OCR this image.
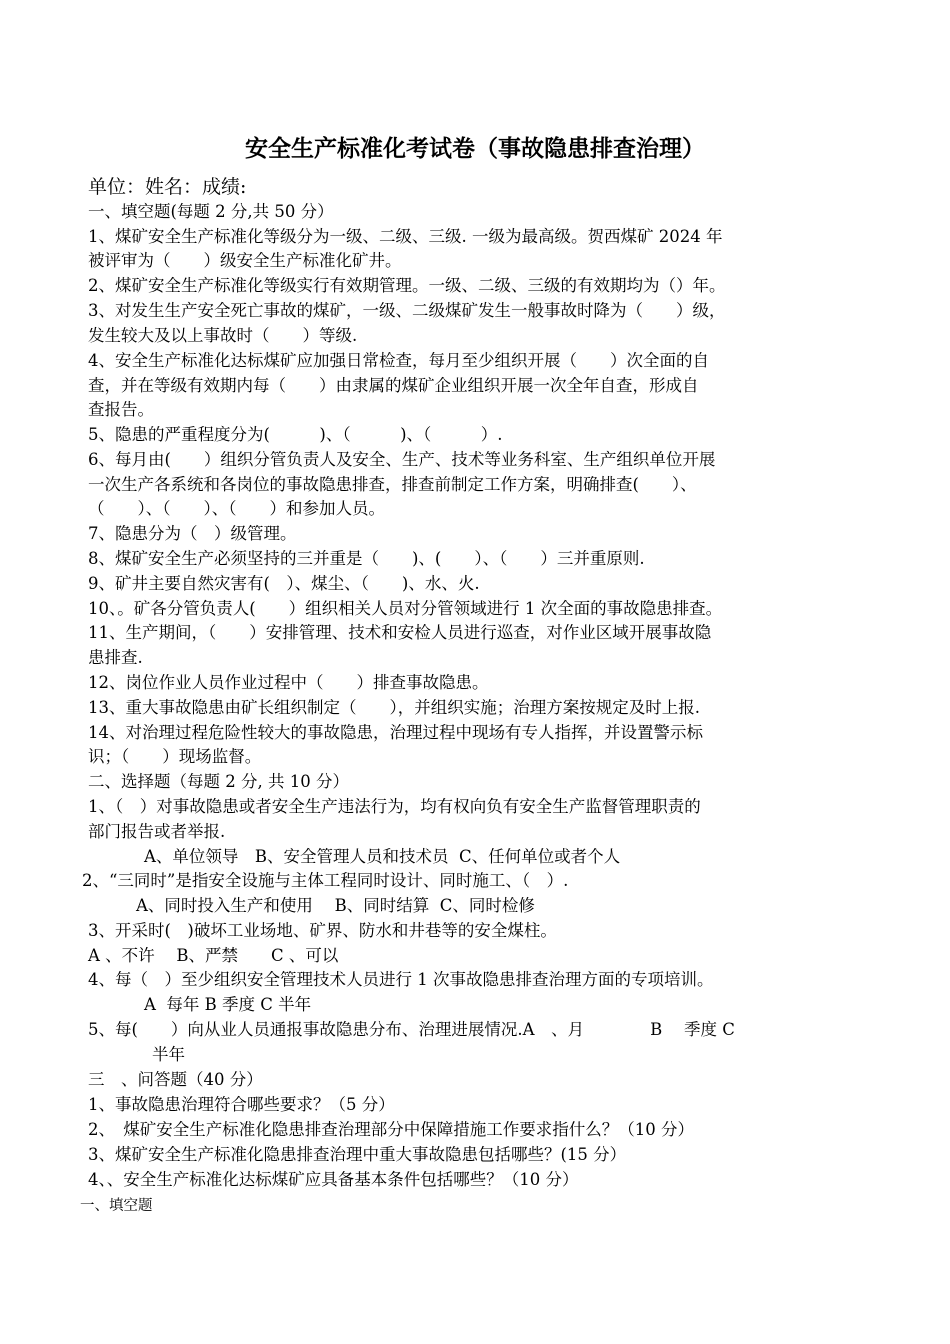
安全生产标准化考试卷（事故隐患排查治理）
单位：姓名：成绩:
一、填空题(每题 2 分,共 50 分）
1、煤矿安全生产标准化等级分为一级、二级、三级. 一级为最高级。贺西煤矿 2024 年
被评审为（　　）级安全生产标准化矿井。
2、煤矿安全生产标准化等级实行有效期管理。一级、二级、三级的有效期均为（）年。
3、对发生生产安全死亡事故的煤矿，一级、二级煤矿发生一般事故时降为（　　）级，
发生较大及以上事故时（　　）等级.
4、安全生产标准化达标煤矿应加强日常检查，每月至少组织开展（　　）次全面的自
查，并在等级有效期内每（　　）由隶属的煤矿企业组织开展一次全年自查，形成自
查报告。
5、隐患的严重程度分为(　　　)、（　　　)、（　　　）.
6、每月由(　　）组织分管负责人及安全、生产、技术等业务科室、生产组织单位开展
一次生产各系统和各岗位的事故隐患排查，排查前制定工作方案，明确排查(　　）、
（　　）、（　　）、（　　）和参加人员。
7、隐患分为（　）级管理。
8、煤矿安全生产必须坚持的三并重是（　　)、(　　）、（　　）三并重原则.
9、矿井主要自然灾害有(　）、煤尘、（　　)、水、火.
10、。矿各分管负责人(　　）组织相关人员对分管领域进行 1 次全面的事故隐患排查。
11、生产期间，（　　）安排管理、技术和安检人员进行巡查，对作业区域开展事故隐
患排查.
12、岗位作业人员作业过程中（　　）排查事故隐患。
13、重大事故隐患由矿长组织制定（　　），并组织实施；治理方案按规定及时上报.
14、对治理过程危险性较大的事故隐患，治理过程中现场有专人指挥，并设置警示标
识；（　　）现场监督。
二、选择题（每题 2 分, 共 10 分）
1、（　）对事故隐患或者安全生产违法行为，均有权向负有安全生产监督管理职责的
部门报告或者举报.
A、单位领导　B、安全管理人员和技术员  C、任何单位或者个人
2、“三同时”是指安全设施与主体工程同时设计、同时施工、（　）.
A、同时投入生产和使用　 B、同时结算  C、同时检修
3、开采时(　)破坏工业场地、矿界、防水和井巷等的安全煤柱。
A 、不许　 B、严禁　　C 、可以
4、每（　）至少组织安全管理技术人员进行 1 次事故隐患排查治理方面的专项培训。
A  每年 B 季度 C 半年
5、每(　　）向从业人员通报事故隐患分布、治理进展情况.A　、月　　　　B　 季度 C
半年
三　、问答题（40 分）
1、事故隐患治理符合哪些要求？（5 分）
2、　煤矿安全生产标准化隐患排查治理部分中保障措施工作要求指什么？（10 分）
3、煤矿安全生产标准化隐患排查治理中重大事故隐患包括哪些？(15 分）
4、、安全生产标准化达标煤矿应具备基本条件包括哪些？（10 分）
一、填空题
